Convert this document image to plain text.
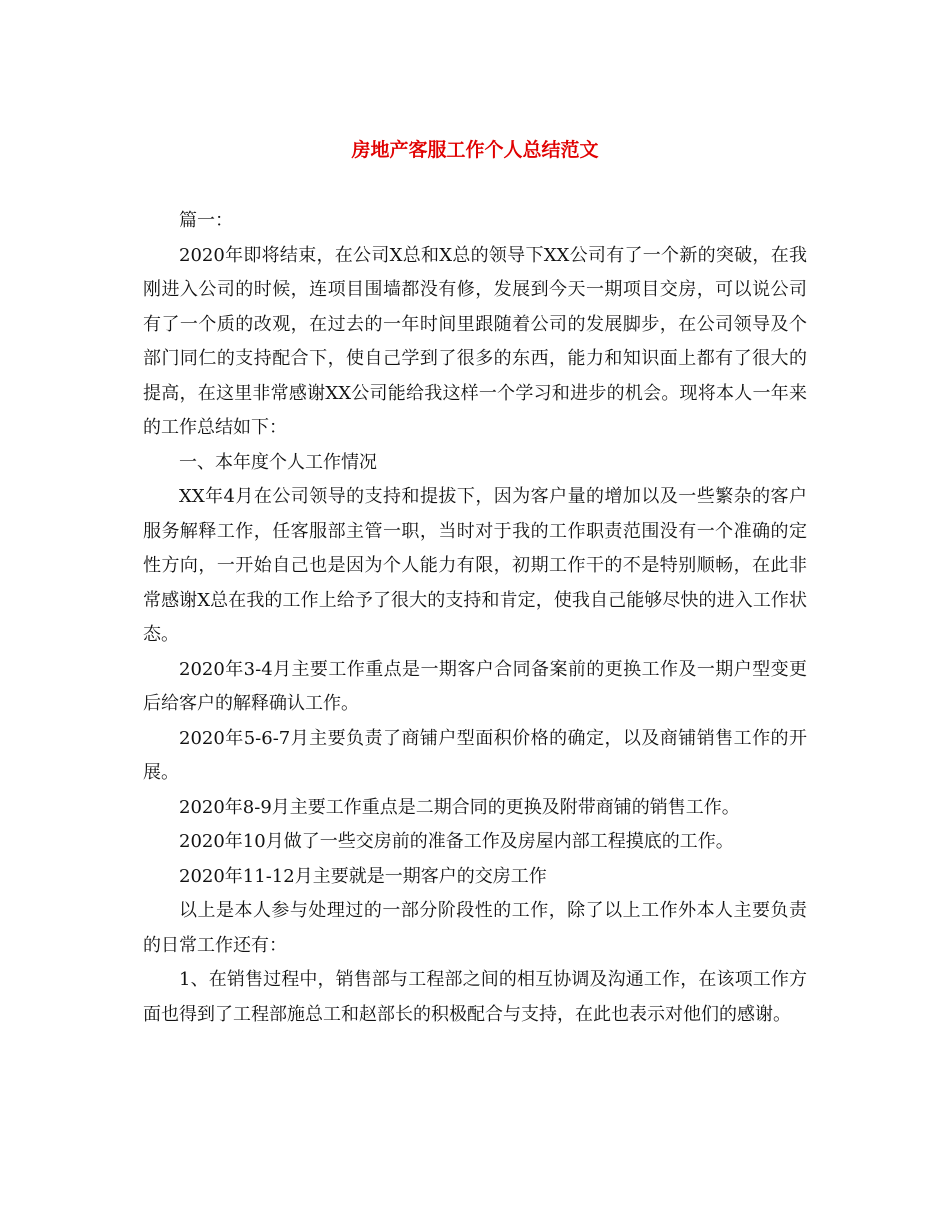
房地产客服工作个人总结范文

篇一：

2020年即将结束，在公司X总和X总的领导下XX公司有了一个新的突破，在我刚进入公司的时候，连项目围墙都没有修，发展到今天一期项目交房，可以说公司有了一个质的改观，在过去的一年时间里跟随着公司的发展脚步，在公司领导及个部门同仁的支持配合下，使自己学到了很多的东西，能力和知识面上都有了很大的提高，在这里非常感谢XX公司能给我这样一个学习和进步的机会。现将本人一年来的工作总结如下：

一、本年度个人工作情况

XX年4月在公司领导的支持和提拔下，因为客户量的增加以及一些繁杂的客户服务解释工作，任客服部主管一职，当时对于我的工作职责范围没有一个准确的定性方向，一开始自己也是因为个人能力有限，初期工作干的不是特别顺畅，在此非常感谢X总在我的工作上给予了很大的支持和肯定，使我自己能够尽快的进入工作状态。

2020年3-4月主要工作重点是一期客户合同备案前的更换工作及一期户型变更后给客户的解释确认工作。

2020年5-6-7月主要负责了商铺户型面积价格的确定，以及商铺销售工作的开展。

2020年8-9月主要工作重点是二期合同的更换及附带商铺的销售工作。

2020年10月做了一些交房前的准备工作及房屋内部工程摸底的工作。

2020年11-12月主要就是一期客户的交房工作

以上是本人参与处理过的一部分阶段性的工作，除了以上工作外本人主要负责的日常工作还有：

1、在销售过程中，销售部与工程部之间的相互协调及沟通工作，在该项工作方面也得到了工程部施总工和赵部长的积极配合与支持，在此也表示对他们的感谢。
